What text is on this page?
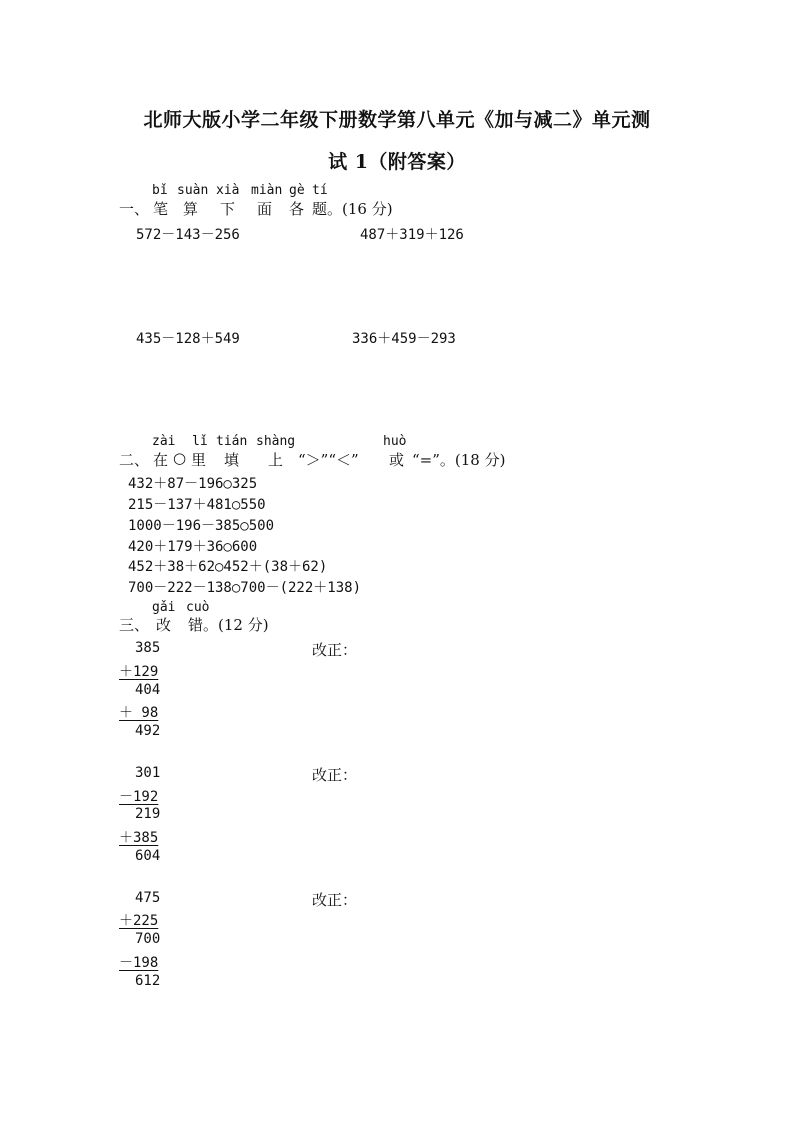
北师大版小学二年级下册数学第八单元《加与减二》单元测
试 1（附答案）
bǐ suàn xià miàn gè tí
一、 笔 算 下 面 各 题。(16 分)
572－143－256	487＋319＋126
435－128＋549	336＋459－293
zài lǐ tián shàng	huò
二、 在 ○ 里 填 上 “＞”“＜” 或 “=”。(18 分)
432＋87－196○325
215－137＋481○550
1000－196－385○500
420＋179＋36○600
452＋38＋62○452＋(38＋62)
700－222－138○700－(222＋138)
gǎi cuò
三、 改 错。(12 分)
385
＋129
404
＋ 98
492
改正：
301
－192
219
＋385
604
改正：
475
＋225
700
－198
612
改正：
